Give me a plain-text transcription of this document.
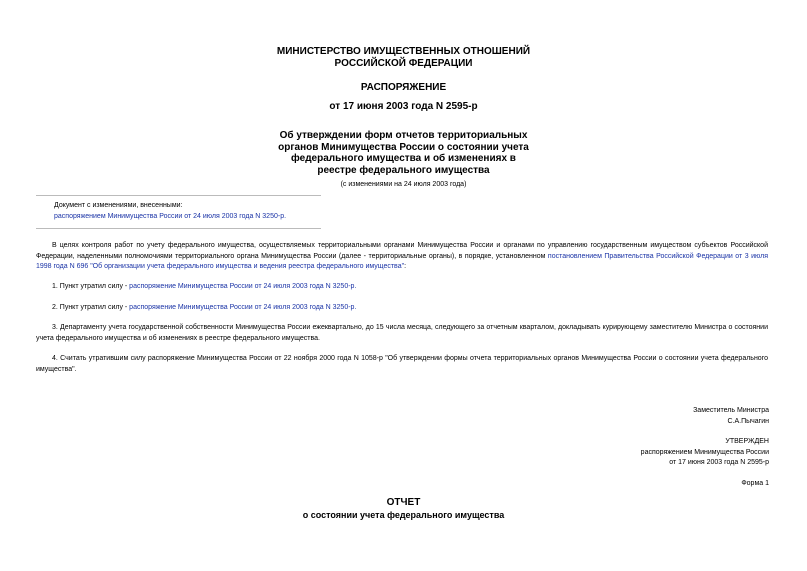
МИНИСТЕРСТВО ИМУЩЕСТВЕННЫХ ОТНОШЕНИЙ
РОССИЙСКОЙ ФЕДЕРАЦИИ
РАСПОРЯЖЕНИЕ
от 17 июня 2003 года N 2595-р
Об утверждении форм отчетов территориальных
органов Минимущества России о состоянии учета
федерального имущества и об изменениях в
реестре федерального имущества
(с изменениями на 24 июля 2003 года)
Документ с изменениями, внесенными:
распоряжением Минимущества России от 24 июля 2003 года N 3250-р.
В целях контроля работ по учету федерального имущества, осуществляемых территориальными органами Минимущества России и органами по управлению государственным имуществом субъектов Российской Федерации, наделенными полномочиями территориального органа Минимущества России (далее - территориальные органы), в порядке, установленном постановлением Правительства Российской Федерации от 3 июля 1998 года N 696 "Об организации учета федерального имущества и ведения реестра федерального имущества":
1. Пункт утратил силу - распоряжение Минимущества России от 24 июля 2003 года N 3250-р.
2. Пункт утратил силу - распоряжение Минимущества России от 24 июля 2003 года N 3250-р.
3. Департаменту учета государственной собственности Минимущества России ежеквартально, до 15 числа месяца, следующего за отчетным кварталом, докладывать курирующему заместителю Министра о состоянии учета федерального имущества и об изменениях в реестре федерального имущества.
4. Считать утратившим силу распоряжение Минимущества России от 22 ноября 2000 года N 1058-р "Об утверждении формы отчета территориальных органов Минимущества России о состоянии учета федерального имущества".
Заместитель Министра
С.А.Пычагин
УТВЕРЖДЕН
распоряжением Минимущества России
от 17 июня 2003 года N 2595-р
Форма 1
ОТЧЕТ
о состоянии учета федерального имущества
